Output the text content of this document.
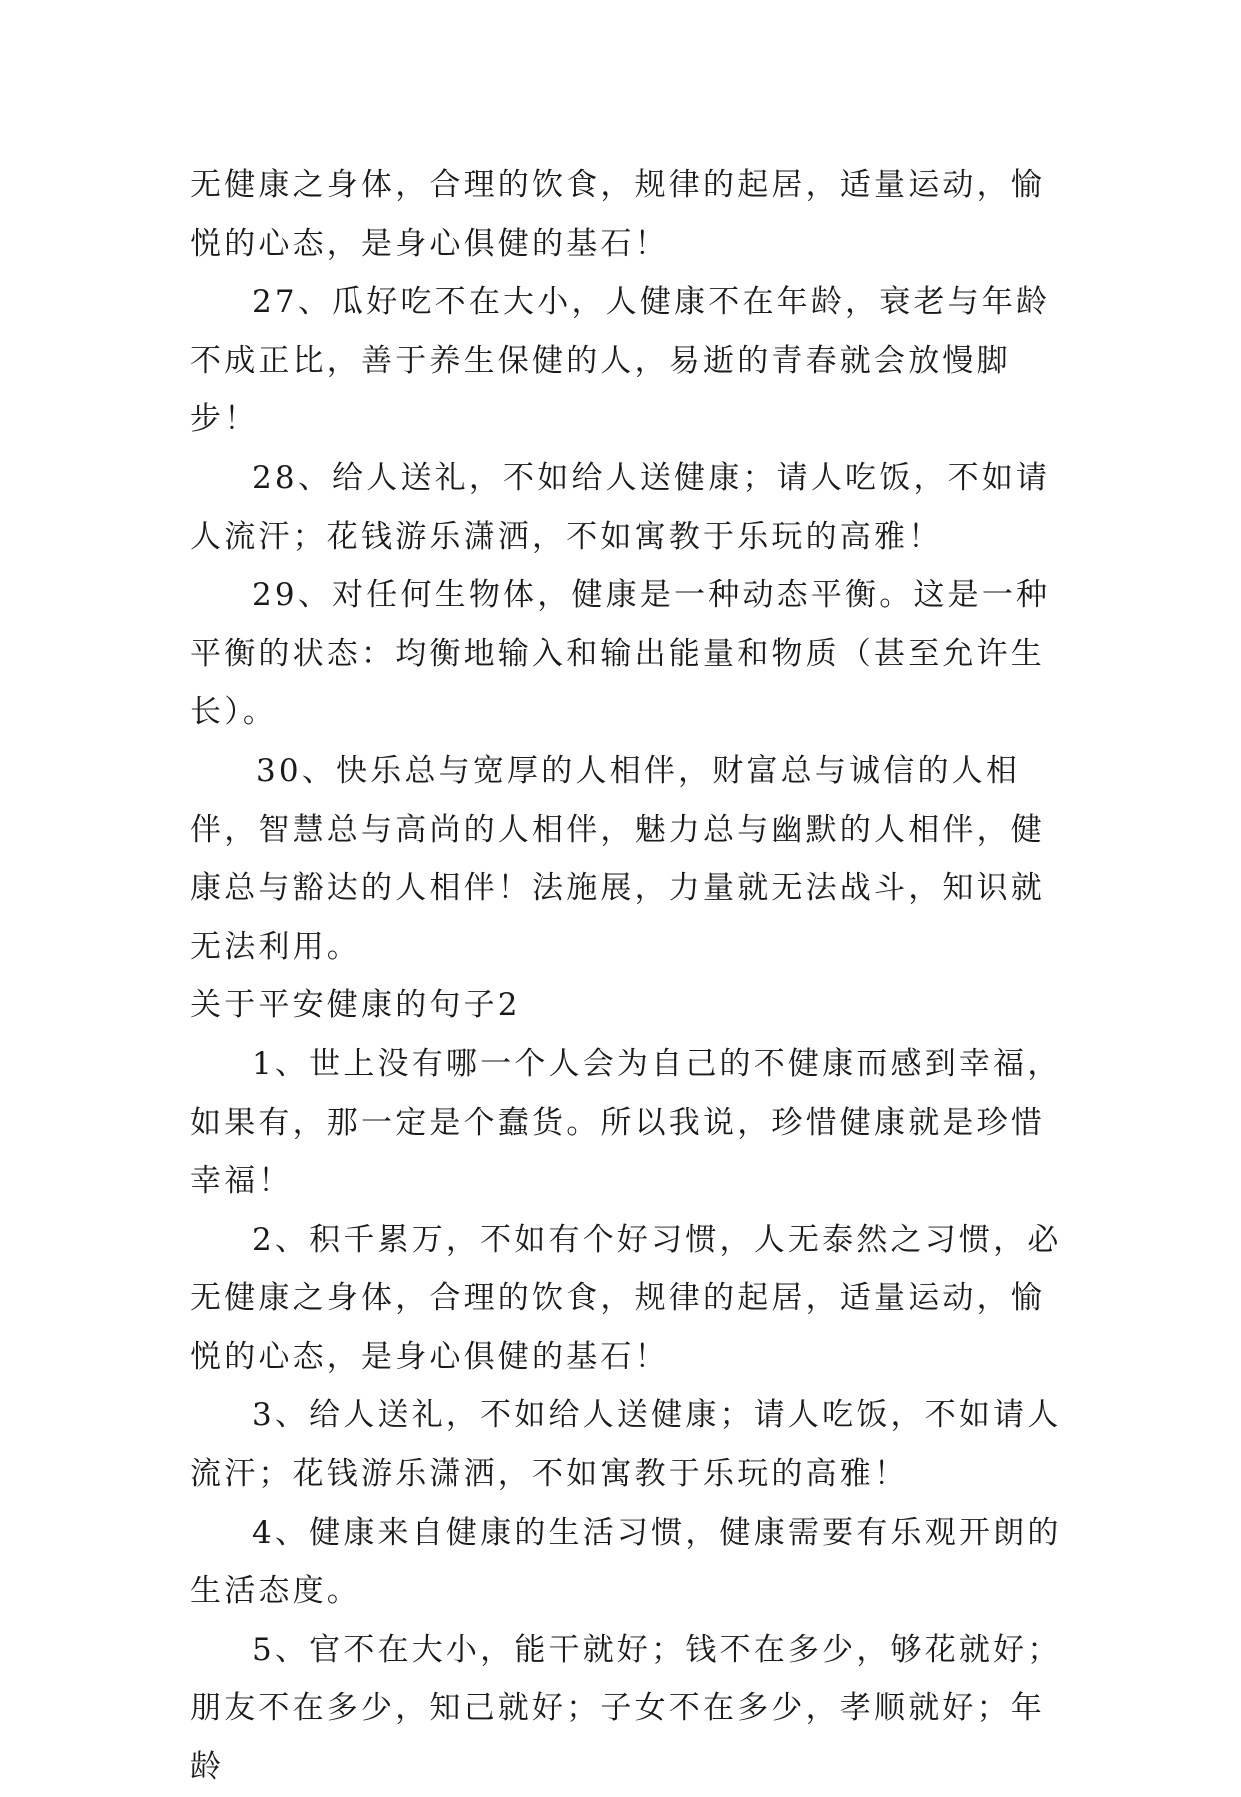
无健康之身体，合理的饮食，规律的起居，适量运动，愉悦的心态，是身心俱健的基石！

27、瓜好吃不在大小，人健康不在年龄，衰老与年龄不成正比，善于养生保健的人，易逝的青春就会放慢脚步！

28、给人送礼，不如给人送健康；请人吃饭，不如请人流汗；花钱游乐潇洒，不如寓教于乐玩的高雅！

29、对任何生物体，健康是一种动态平衡。这是一种平衡的状态：均衡地输入和输出能量和物质（甚至允许生长）。

30、快乐总与宽厚的人相伴，财富总与诚信的人相伴，智慧总与高尚的人相伴，魅力总与幽默的人相伴，健康总与豁达的人相伴！法施展，力量就无法战斗，知识就无法利用。

关于平安健康的句子2

1、世上没有哪一个人会为自己的不健康而感到幸福，如果有，那一定是个蠢货。所以我说，珍惜健康就是珍惜幸福！

2、积千累万，不如有个好习惯，人无泰然之习惯，必无健康之身体，合理的饮食，规律的起居，适量运动，愉悦的心态，是身心俱健的基石！

3、给人送礼，不如给人送健康；请人吃饭，不如请人流汗；花钱游乐潇洒，不如寓教于乐玩的高雅！

4、健康来自健康的生活习惯，健康需要有乐观开朗的生活态度。

5、官不在大小，能干就好；钱不在多少，够花就好；朋友不在多少，知己就好；子女不在多少，孝顺就好；年龄
